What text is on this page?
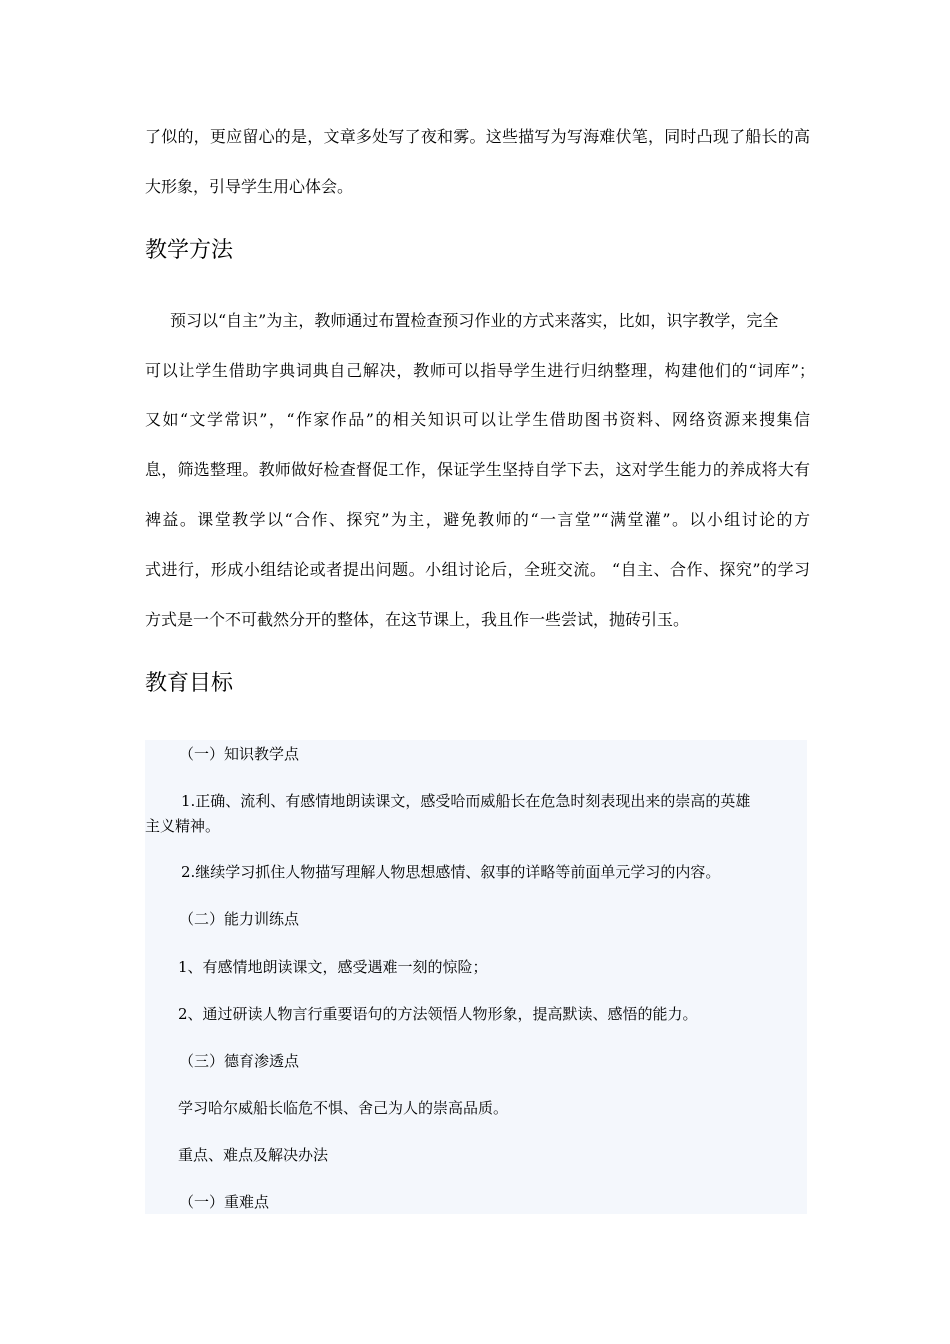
了似的，更应留心的是，文章多处写了夜和雾。这些描写为写海难伏笔，同时凸现了船长的高
大形象，引导学生用心体会。
教学方法
预习以“自主”为主，教师通过布置检查预习作业的方式来落实，比如，识字教学，完全
可以让学生借助字典词典自己解决，教师可以指导学生进行归纳整理，构建他们的“词库”；
又如“文学常识”，“作家作品”的相关知识可以让学生借助图书资料、网络资源来搜集信
息，筛选整理。教师做好检查督促工作，保证学生坚持自学下去，这对学生能力的养成将大有
裨益。课堂教学以“合作、探究”为主，避免教师的“一言堂”“满堂灌”。以小组讨论的方
式进行，形成小组结论或者提出问题。小组讨论后，全班交流。 “自主、合作、探究”的学习
方式是一个不可截然分开的整体，在这节课上，我且作一些尝试，抛砖引玉。
教育目标
（一）知识教学点
1.正确、流利、有感情地朗读课文，感受哈而威船长在危急时刻表现出来的崇高的英雄
主义精神。
2.继续学习抓住人物描写理解人物思想感情、叙事的详略等前面单元学习的内容。
（二）能力训练点
1、有感情地朗读课文，感受遇难一刻的惊险；
2、通过研读人物言行重要语句的方法领悟人物形象，提高默读、感悟的能力。
（三）德育渗透点
学习哈尔威船长临危不惧、舍己为人的崇高品质。
重点、难点及解决办法
（一）重难点
